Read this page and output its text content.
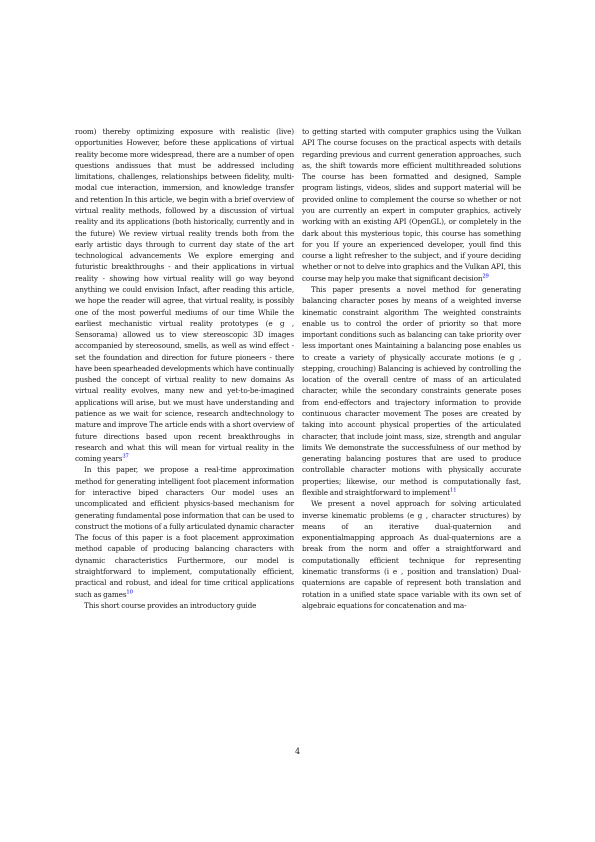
room) thereby optimizing exposure with realistic (live) opportunities However, before these applications of virtual reality become more widespread, there are a number of open questions andissues that must be addressed including limitations, challenges, relationships between fidelity, multi-modal cue interaction, immersion, and knowledge transfer and retention In this article, we begin with a brief overview of virtual reality methods, followed by a discussion of virtual reality and its applications (both historically, currently and in the future) We review virtual reality trends both from the early artistic days through to current day state of the art technological advancements We explore emerging and futuristic breakthroughs - and their applications in virtual reality - showing how virtual reality will go way beyond anything we could envision Infact, after reading this article, we hope the reader will agree, that virtual reality, is possibly one of the most powerful mediums of our time While the earliest mechanistic virtual reality prototypes (e g , Sensorama) allowed us to view stereoscopic 3D images accompanied by stereosound, smells, as well as wind effect - set the foundation and direction for future pioneers - there have been spearheaded developments which have continually pushed the concept of virtual reality to new domains As virtual reality evolves, many new and yet-to-be-imagined applications will arise, but we must have understanding and patience as we wait for science, research andtechnology to mature and improve The article ends with a short overview of future directions based upon recent breakthroughs in research and what this will mean for virtual reality in the coming years$^{37}$

In this paper, we propose a real-time approximation method for generating intelligent foot placement information for interactive biped characters Our model uses an uncomplicated and efficient physics-based mechanism for generating fundamental pose information that can be used to construct the motions of a fully articulated dynamic character The focus of this paper is a foot placement approximation method capable of producing balancing characters with dynamic characteristics Furthermore, our model is straightforward to implement, computationally efficient, practical and robust, and ideal for time critical applications such as games$^{10}$

This short course provides an introductory guide

to getting started with computer graphics using the Vulkan API The course focuses on the practical aspects with details regarding previous and current generation approaches, such as, the shift towards more efficient multithreaded solutions The course has been formatted and designed, Sample program listings, videos, slides and support material will be provided online to complement the course so whether or not you are currently an expert in computer graphics, actively working with an existing API (OpenGL), or completely in the dark about this mysterious topic, this course has something for you If youre an experienced developer, youll find this course a light refresher to the subject, and if youre deciding whether or not to delve into graphics and the Vulkan API, this course may help you make that significant decision$^{29}$

This paper presents a novel method for generating balancing character poses by means of a weighted inverse kinematic constraint algorithm The weighted constraints enable us to control the order of priority so that more important conditions such as balancing can take priority over less important ones Maintaining a balancing pose enables us to create a variety of physically accurate motions (e g , stepping, crouching) Balancing is achieved by controlling the location of the overall centre of mass of an articulated character, while the secondary constraints generate poses from end-effectors and trajectory information to provide continuous character movement The poses are created by taking into account physical properties of the articulated character, that include joint mass, size, strength and angular limits We demonstrate the successfulness of our method by generating balancing postures that are used to produce controllable character motions with physically accurate properties; likewise, our method is computationally fast, flexible and straightforward to implement$^{11}$

We present a novel approach for solving articulated inverse kinematic problems (e g , character structures) by means of an iterative dual-quaternion and exponentialmapping approach As dual-quaternions are a break from the norm and offer a straightforward and computationally efficient technique for representing kinematic transforms (i e , position and translation) Dual-quaternions are capable of represent both translation and rotation in a unified state space variable with its own set of algebraic equations for concatenation and ma-

4
